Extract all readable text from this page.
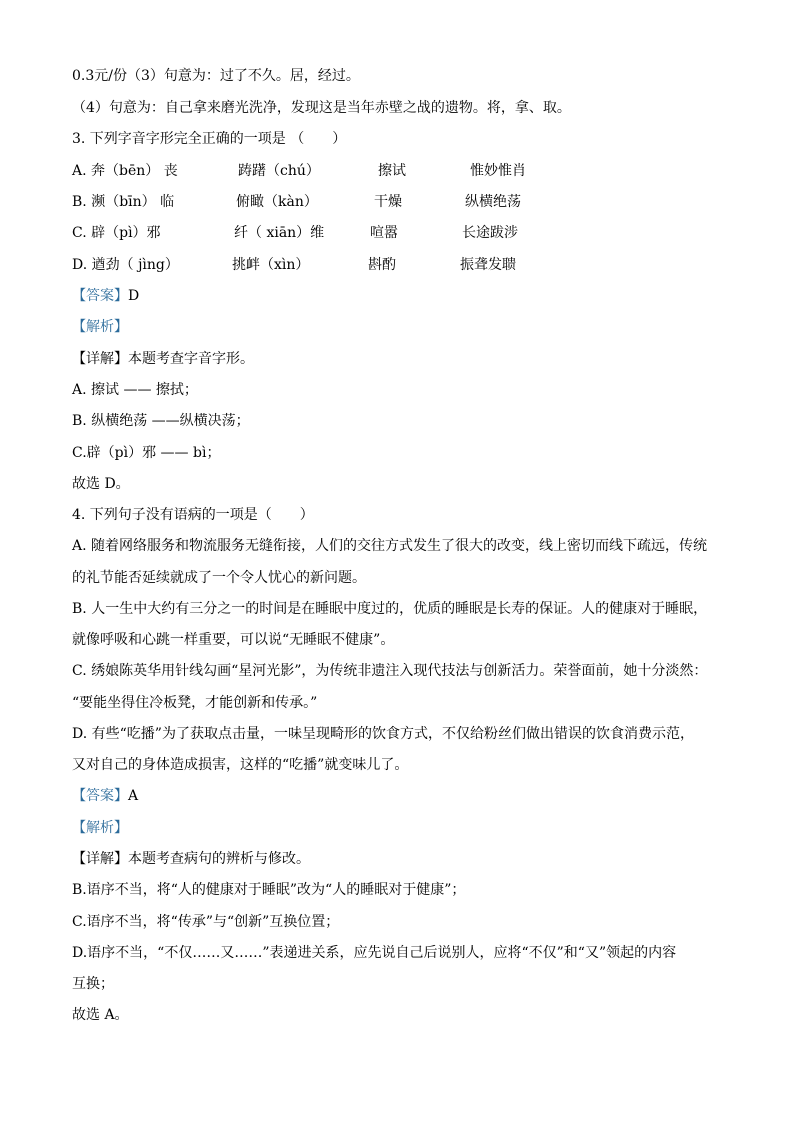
0.3元/份（3）句意为：过了不久。居，经过。
（4）句意为：自己拿来磨光洗净，发现这是当年赤壁之战的遗物。将，拿、取。
3. 下列字音字形完全正确的一项是 （　　）
A. 奔（bēn） 丧	踌躇（chú）	擦试	惟妙惟肖
B. 濒（bīn） 临	俯瞰（kàn）	干燥	纵横绝荡
C. 辟（pì）邪	纤（ xiān）维	喧嚣	长途跋涉
D. 遒劲（ jìng）	挑衅（xìn）	斟酌	振聋发聩
【答案】D
【解析】
【详解】本题考查字音字形。
A. 擦试 —— 擦拭；
B. 纵横绝荡 ——纵横决荡；
C.辟（pì）邪 —— bì；
故选 D。
4. 下列句子没有语病的一项是（　　）
A. 随着网络服务和物流服务无缝衔接，人们的交往方式发生了很大的改变，线上密切而线下疏远，传统
的礼节能否延续就成了一个令人忧心的新问题。
B. 人一生中大约有三分之一的时间是在睡眠中度过的，优质的睡眠是长寿的保证。人的健康对于睡眠，
就像呼吸和心跳一样重要，可以说“无睡眠不健康”。
C. 绣娘陈英华用针线勾画“星河光影”，为传统非遗注入现代技法与创新活力。荣誉面前，她十分淡然：
“要能坐得住冷板凳，才能创新和传承。”
D. 有些“吃播”为了获取点击量，一味呈现畸形的饮食方式，不仅给粉丝们做出错误的饮食消费示范，
又对自己的身体造成损害，这样的“吃播”就变味儿了。
【答案】A
【解析】
【详解】本题考查病句的辨析与修改。
B.语序不当，将“人的健康对于睡眠”改为“人的睡眠对于健康”；
C.语序不当，将“传承”与“创新”互换位置；
D.语序不当，“不仅……又……”表递进关系，应先说自己后说别人，应将“不仅”和“又”领起的内容
互换；
故选 A。
